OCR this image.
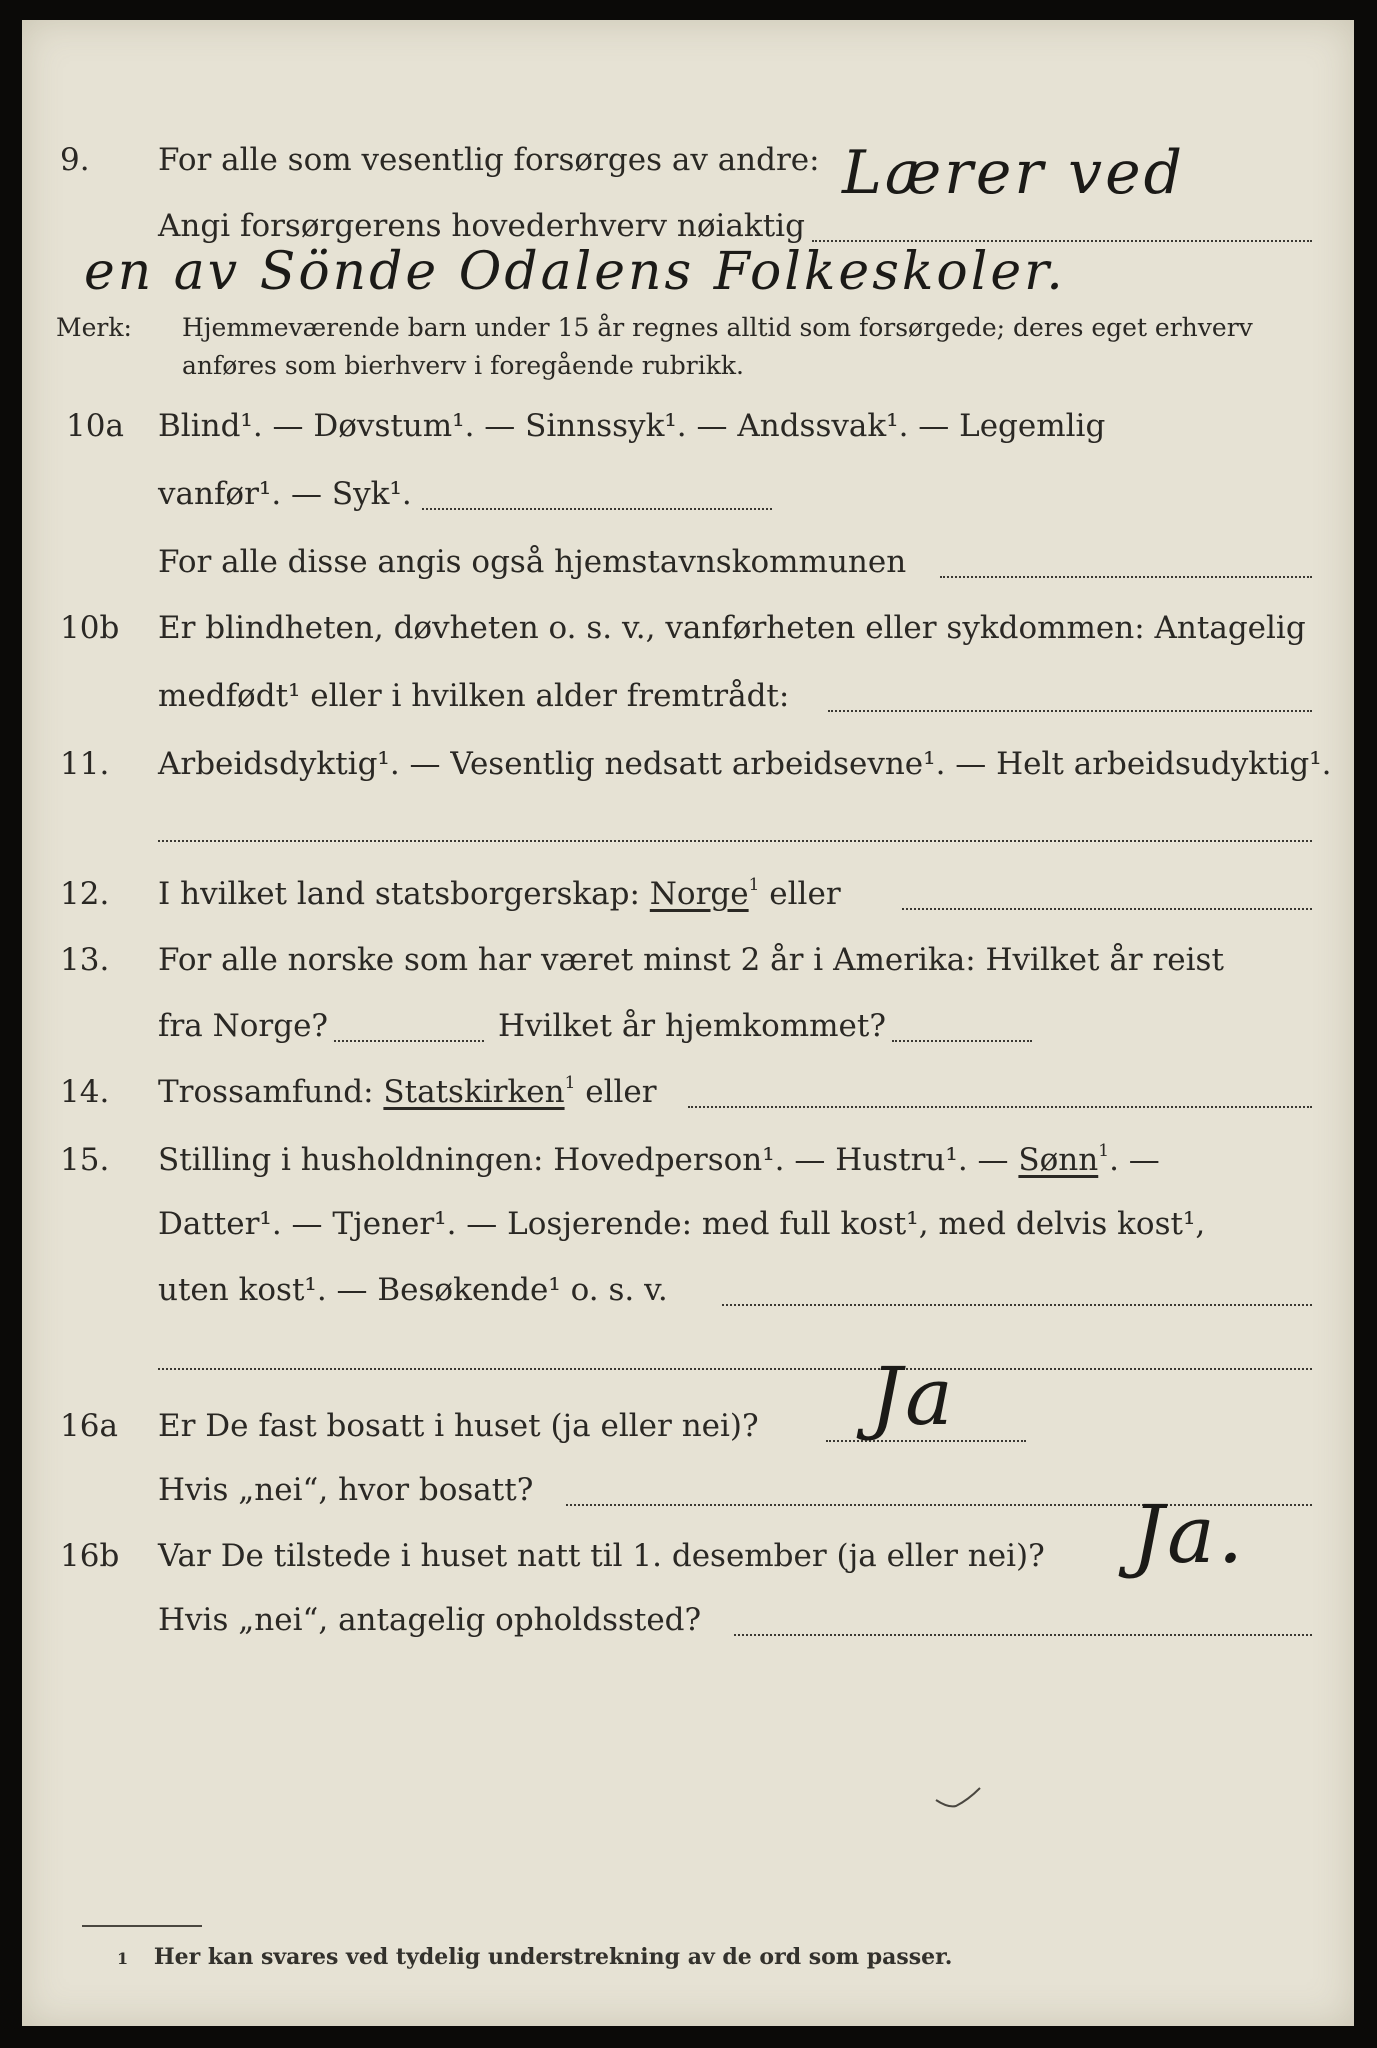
9. For alle som vesentlig forsørges av andre: Lærer ved
Angi forsørgerens hovederhverv nøiaktig
en av Sönde Odalens Folkeskoler.
Merk: Hjemmeværende barn under 15 år regnes alltid som forsørgede; deres eget erhverv
anføres som bierhverv i foregående rubrikk.
10a Blind¹. — Døvstum¹. — Sinnssyk¹. — Andssvak¹. — Legemlig
vanfør¹. — Syk¹.
For alle disse angis også hjemstavnskommunen
10b Er blindheten, døvheten o. s. v., vanførheten eller sykdommen: Antagelig
medfødt¹ eller i hvilken alder fremtrådt:
11. Arbeidsdyktig¹. — Vesentlig nedsatt arbeidsevne¹. — Helt arbeidsudyktig¹.
12. I hvilket land statsborgerskap: Norge$^1$ eller
13. For alle norske som har været minst 2 år i Amerika: Hvilket år reist
fra Norge?	Hvilket år hjemkommet?
14. Trossamfund: Statskirken$^1$ eller
15. Stilling i husholdningen: Hovedperson¹. — Hustru¹. — Sønn$^1$. —
Datter¹. — Tjener¹. — Losjerende: med full kost¹, med delvis kost¹,
uten kost¹. — Besøkende¹ o. s. v.
16a Er De fast bosatt i huset (ja eller nei)? Ja
Hvis „nei“, hvor bosatt?
16b Var De tilstede i huset natt til 1. desember (ja eller nei)? Ja.
Hvis „nei“, antagelig opholdssted?
1 Her kan svares ved tydelig understrekning av de ord som passer.
